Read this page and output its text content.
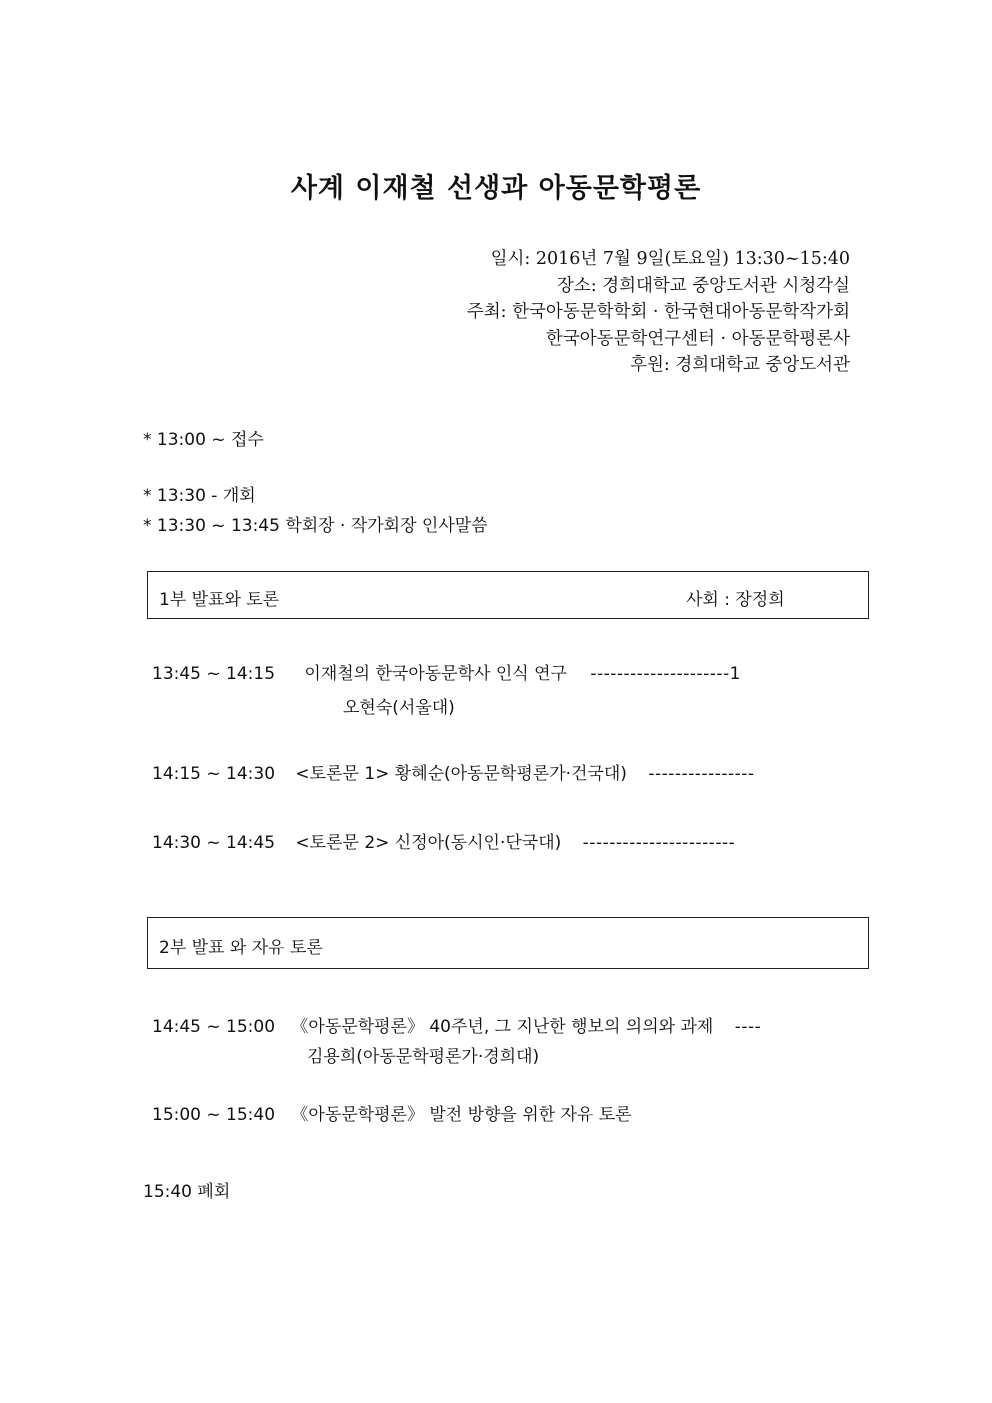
사계 이재철 선생과 아동문학평론
일시: 2016년 7월 9일(토요일) 13:30~15:40
장소: 경희대학교 중앙도서관 시청각실
주최: 한국아동문학학회 · 한국현대아동문학작가회
한국아동문학연구센터 · 아동문학평론사
후원: 경희대학교 중앙도서관
* 13:00 ~ 접수
* 13:30 - 개회
* 13:30 ~ 13:45 학회장 · 작가회장 인사말씀
1부 발표와 토론	사회 : 장정희
13:45 ~ 14:15 이재철의 한국아동문학사 인식 연구 ---------------------1
오현숙(서울대)
14:15 ~ 14:30 <토론문 1> 황혜순(아동문학평론가·건국대) ----------------
14:30 ~ 14:45 <토론문 2> 신정아(동시인·단국대) -----------------------
2부 발표 와 자유 토론
14:45 ~ 15:00 《아동문학평론》 40주년, 그 지난한 행보의 의의와 과제 ----
김용희(아동문학평론가·경희대)
15:00 ~ 15:40 《아동문학평론》 발전 방향을 위한 자유 토론
15:40 폐회
